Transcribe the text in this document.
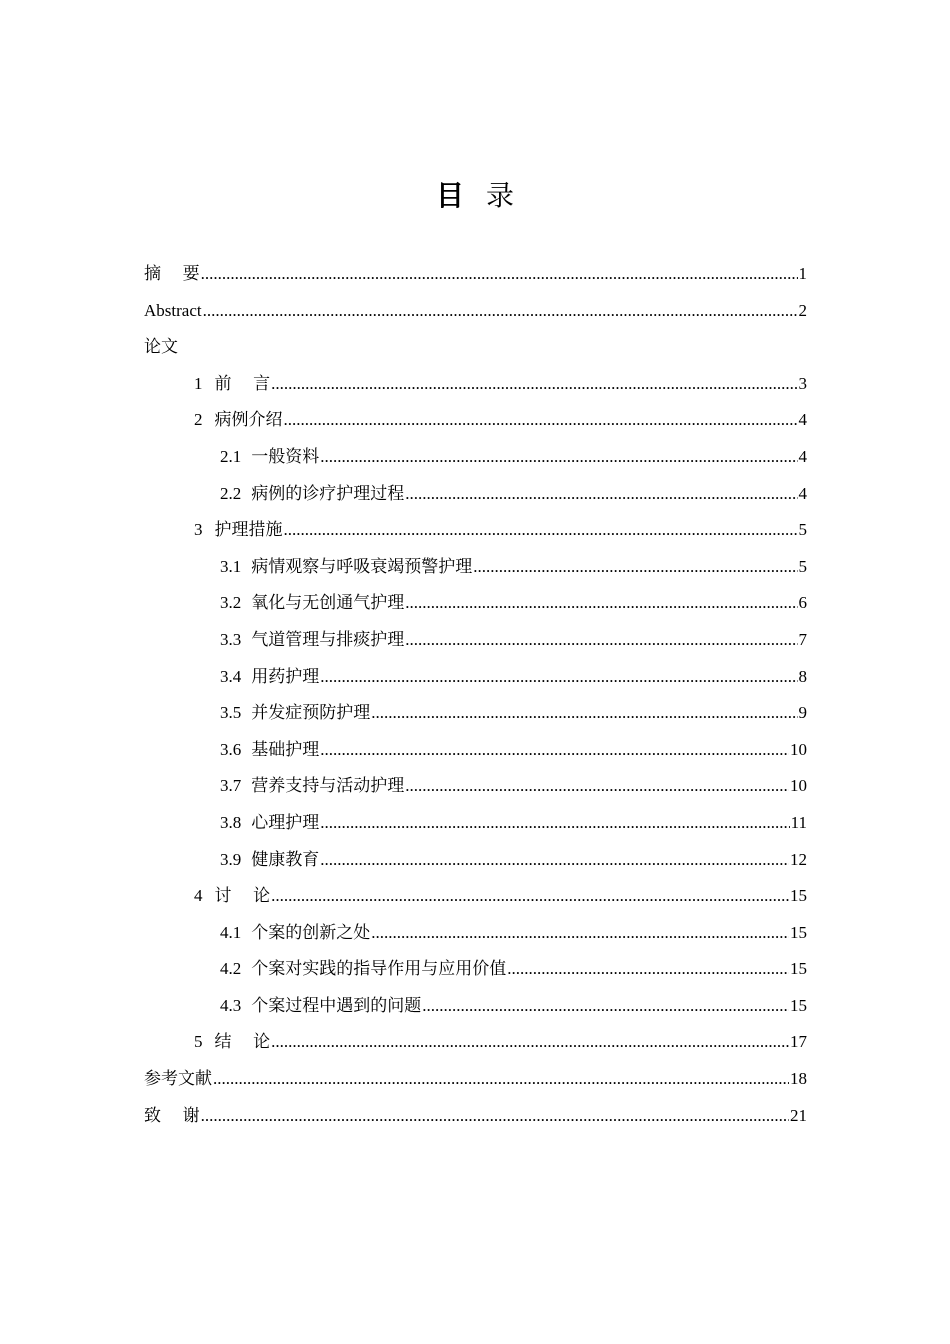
目录
摘    要 .....	1
Abstract .....	2
论文
1 前    言 .....	3
2 病例介绍 .....	4
2.1 一般资料 .....	4
2.2 病例的诊疗护理过程 .....	4
3 护理措施 .....	5
3.1 病情观察与呼吸衰竭预警护理 .....	5
3.2 氧化与无创通气护理 .....	6
3.3 气道管理与排痰护理 .....	7
3.4 用药护理 .....	8
3.5 并发症预防护理 .....	9
3.6 基础护理 .....	10
3.7 营养支持与活动护理 .....	10
3.8 心理护理 .....	11
3.9 健康教育 .....	12
4 讨    论 .....	15
4.1 个案的创新之处 .....	15
4.2 个案对实践的指导作用与应用价值 .....	15
4.3 个案过程中遇到的问题 .....	15
5 结    论 .....	17
参考文献 .....	18
致    谢 .....	21
